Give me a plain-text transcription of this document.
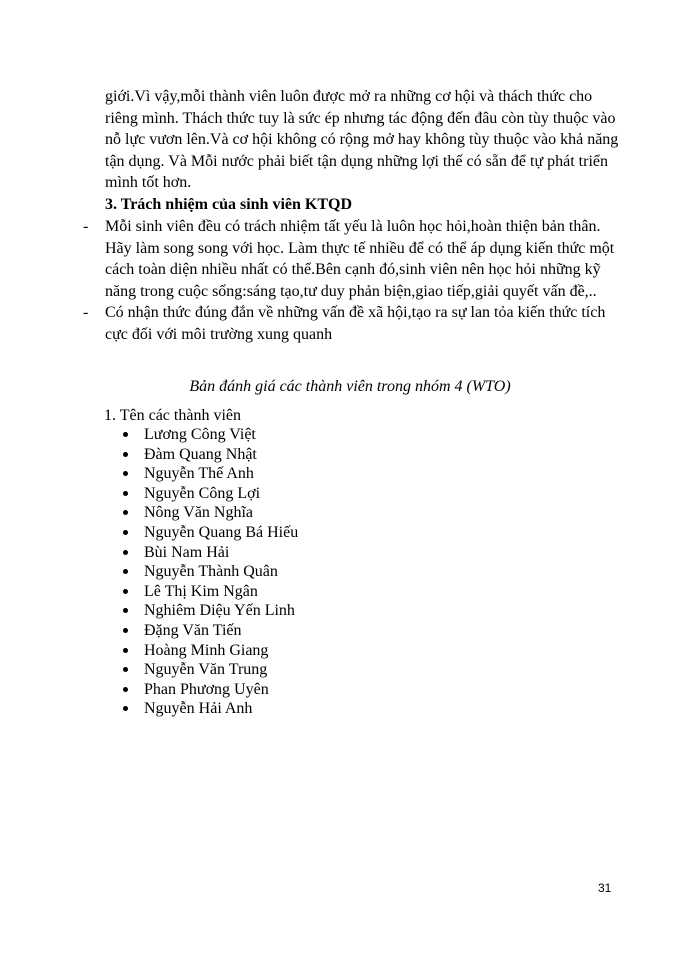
giới.Vì vậy,mỗi thành viên luôn được mở ra những cơ hội và thách thức cho riêng mình. Thách thức tuy là sức ép nhưng tác động đến đâu còn tùy thuộc vào nỗ lực vươn lên.Và cơ hội không có rộng mở hay không tùy thuộc vào khả năng tận dụng. Và Mỗi nước phải biết tận dụng những lợi thế có sẵn để tự phát triển mình tốt hơn.

3. Trách nhiệm của sinh viên KTQD
- Mỗi sinh viên đều có trách nhiệm tất yếu là luôn học hỏi,hoàn thiện bản thân. Hãy làm song song với học. Làm thực tế nhiều để có thể áp dụng kiến thức một cách toàn diện nhiều nhất có thể.Bên cạnh đó,sinh viên nên học hỏi những kỹ năng trong cuộc sống:sáng tạo,tư duy phản biện,giao tiếp,giải quyết vấn đề,..
- Có nhận thức đúng đắn về những vấn đề xã hội,tạo ra sự lan tỏa kiến thức tích cực đối với môi trường xung quanh
Bản đánh giá các thành viên trong nhóm 4 (WTO)
1. Tên các thành viên
Lương Công Việt
Đàm Quang Nhật
Nguyễn Thế Anh
Nguyễn Công Lợi
Nông Văn Nghĩa
Nguyễn Quang Bá Hiếu
Bùi Nam Hải
Nguyễn Thành Quân
Lê Thị Kim Ngân
Nghiêm Diệu Yến Linh
Đặng Văn Tiến
Hoàng Minh Giang
Nguyễn Văn Trung
Phan Phương Uyên
Nguyễn Hải Anh
31
